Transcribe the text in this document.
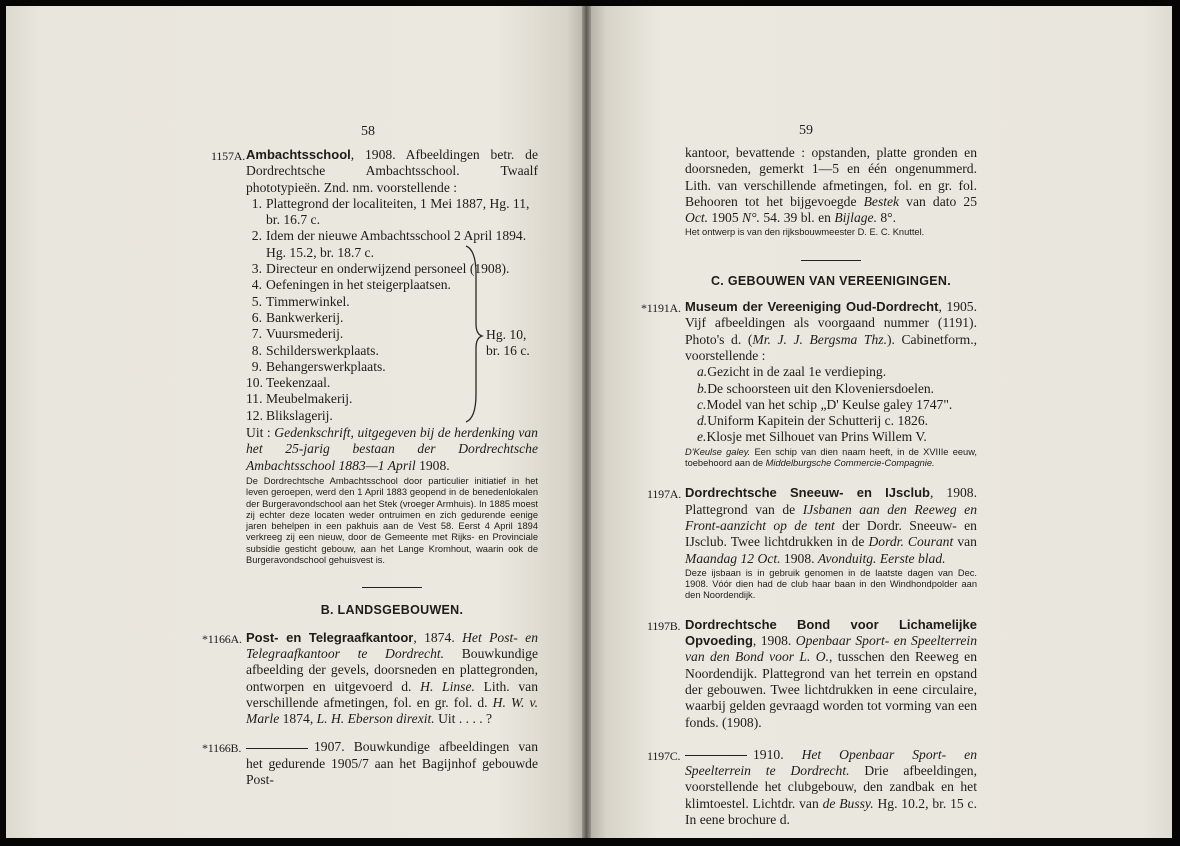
58
1157A. Ambachtsschool, 1908. Afbeeldingen betr. de Dordrechtsche Ambachtsschool. Twaalf phototypieën. Znd. nm. voorstellende :

1. Plattegrond der localiteiten, 1 Mei 1887, Hg. 11, br. 16.7 c.
2. Idem der nieuwe Ambachtsschool 2 April 1894. Hg. 15.2, br. 18.7 c.
3. Directeur en onderwijzend personeel (1908).
4. Oefeningen in het steigerplaatsen.
5. Timmerwinkel.
6. Bankwerkerij.
7. Vuursmederij.
8. Schilderswerkplaats.
9. Behangerswerkplaats.
10. Teekenzaal.
11. Meubelmakerij.
12. Blikslagerij.
Hg. 10,
br. 16 c.

Uit : Gedenkschrift, uitgegeven bij de herdenking van het 25-jarig bestaan der Dordrechtsche Ambachtsschool 1883—1 April 1908.

De Dordrechtsche Ambachtsschool door particulier initiatief in het leven geroepen, werd den 1 April 1883 geopend in de benedenlokalen der Burgeravondschool aan het Stek (vroeger Armhuis). In 1885 moest zij echter deze locaten weder ontruimen en zich gedurende eenige jaren behelpen in een pakhuis aan de Vest 58. Eerst 4 April 1894 verkreeg zij een nieuw, door de Gemeente met Rijks- en Provinciale subsidie gesticht gebouw, aan het Lange Kromhout, waarin ook de Burgeravondschool gehuisvest is.

B. LANDSGEBOUWEN.
*1166A. Post- en Telegraafkantoor, 1874. Het Post- en Telegraafkantoor te Dordrecht. Bouwkundige afbeelding der gevels, doorsneden en plattegronden, ontworpen en uitgevoerd d. H. Linse. Lith. van verschillende afmetingen, fol. en gr. fol. d. H. W. v. Marle 1874, L. H. Eberson direxit. Uit . . . . ?

*1166B.	1907. Bouwkundige afbeeldingen van het gedurende 1905/7 aan het Bagijnhof gebouwde Post-

59

kantoor, bevattende : opstanden, platte gronden en doorsneden, gemerkt 1—5 en één ongenummerd. Lith. van verschillende afmetingen, fol. en gr. fol. Behooren tot het bijgevoegde Bestek van dato 25 Oct. 1905 N°. 54. 39 bl. en Bijlage. 8°.

Het ontwerp is van den rijksbouwmeester D. E. C. Knuttel.

C. GEBOUWEN VAN VEREENIGINGEN.
*1191A. Museum der Vereeniging Oud-Dordrecht, 1905. Vijf afbeeldingen als voorgaand nummer (1191). Photo's d. (Mr. J. J. Bergsma Thz.). Cabinetform., voorstellende :

a.Gezicht in de zaal 1e verdieping.
b.De schoorsteen uit den Kloveniersdoelen.
c.Model van het schip „D' Keulse galey 1747".
d.Uniform Kapitein der Schutterij c. 1826.
e.Klosje met Silhouet van Prins Willem V.

D'Keulse galey. Een schip van dien naam heeft, in de XVIIIe eeuw, toebehoord aan de Middelburgsche Commercie-Compagnie.

1197A. Dordrechtsche Sneeuw- en IJsclub, 1908. Plattegrond van de IJsbanen aan den Reeweg en Front-aanzicht op de tent der Dordr. Sneeuw- en IJsclub. Twee lichtdrukken in de Dordr. Courant van Maandag 12 Oct. 1908. Avonduitg. Eerste blad.

Deze ijsbaan is in gebruik genomen in de laatste dagen van Dec. 1908. Vóór dien had de club haar baan in den Windhondpolder aan den Noordendijk.

1197B. Dordrechtsche Bond voor Lichamelijke Opvoeding, 1908. Openbaar Sport- en Speelterrein van den Bond voor L. O., tusschen den Reeweg en Noordendijk. Plattegrond van het terrein en opstand der gebouwen. Twee lichtdrukken in eene circulaire, waarbij gelden gevraagd worden tot vorming van een fonds. (1908).

1197C.	1910. Het Openbaar Sport- en Speelterrein te Dordrecht. Drie afbeeldingen, voorstellende het clubgebouw, den zandbak en het klimtoestel. Lichtdr. van de Bussy. Hg. 10.2, br. 15 c. In eene brochure d.
